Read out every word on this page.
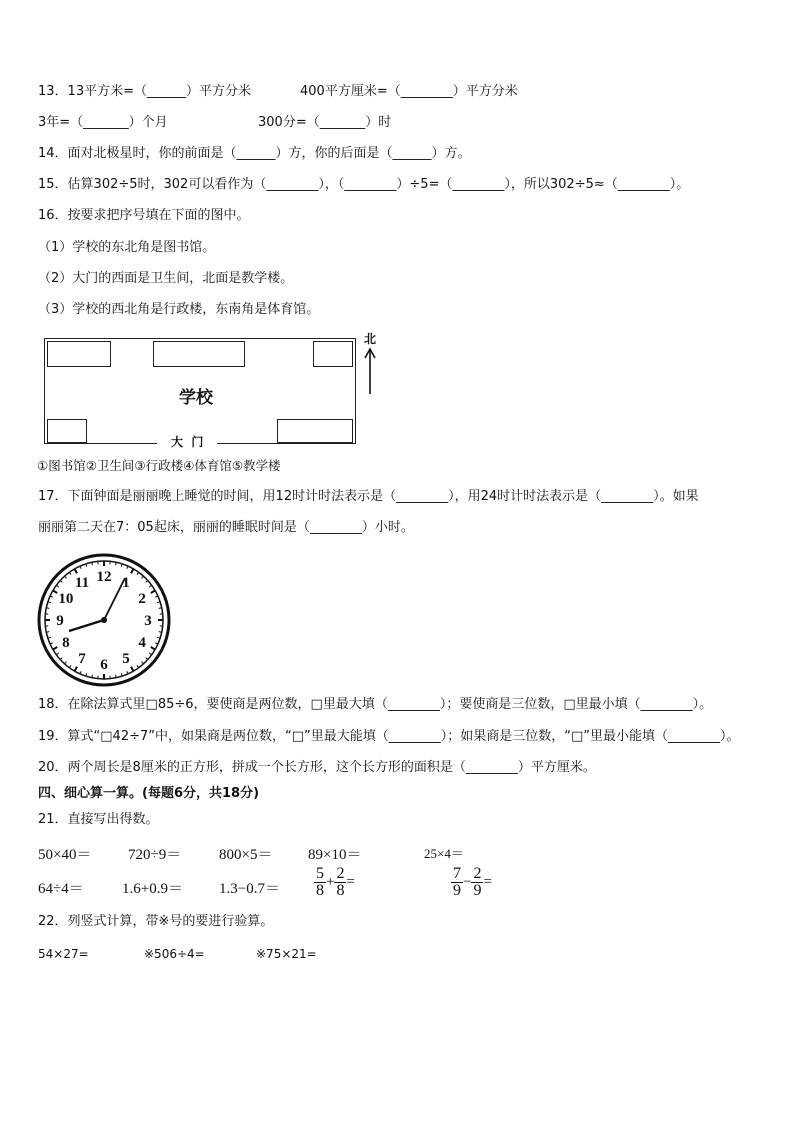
13．13平方米=（______）平方分米	400平方厘米=（________）平方分米
3年=（_______）个月	300分=（_______）时
14．面对北极星时，你的前面是（______）方，你的后面是（______）方。
15．估算302÷5时，302可以看作为（________），（________）÷5=（________），所以302÷5≈（________）。
16．按要求把序号填在下面的图中。
（1）学校的东北角是图书馆。
（2）大门的西面是卫生间，北面是教学楼。
（3）学校的西北角是行政楼，东南角是体育馆。
学校
大  门
北
①图书馆②卫生间③行政楼④体育馆⑤教学楼
17．下面钟面是丽丽晚上睡觉的时间，用12时计时法表示是（________），用24时计时法表示是（________）。如果
丽丽第二天在7：05起床，丽丽的睡眠时间是（________）小时。
12 1
2
3
4
5
6
7
8
9
10
11
18．在除法算式里□85÷6，要使商是两位数，□里最大填（________）；要使商是三位数，□里最小填（________）。
19．算式“□42÷7”中，如果商是两位数，“□”里最大能填（________）；如果商是三位数，“□”里最小能填（________）。
20．两个周长是8厘米的正方形，拼成一个长方形，这个长方形的面积是（________）平方厘米。
四、细心算一算。(每题6分，共18分)
21．直接写出得数。
50×40＝ 720÷9＝	800×5＝ 89×10＝	25×4＝
64÷4＝	$1.6+0.9= 1.3-0.7= \frac{5}{8} + \frac{2}{8}$ =	$\frac{7}{9} - \frac{2}{9}$ =
22．列竖式计算，带※号的要进行验算。
54×27=	※506÷4=	※75×21=
